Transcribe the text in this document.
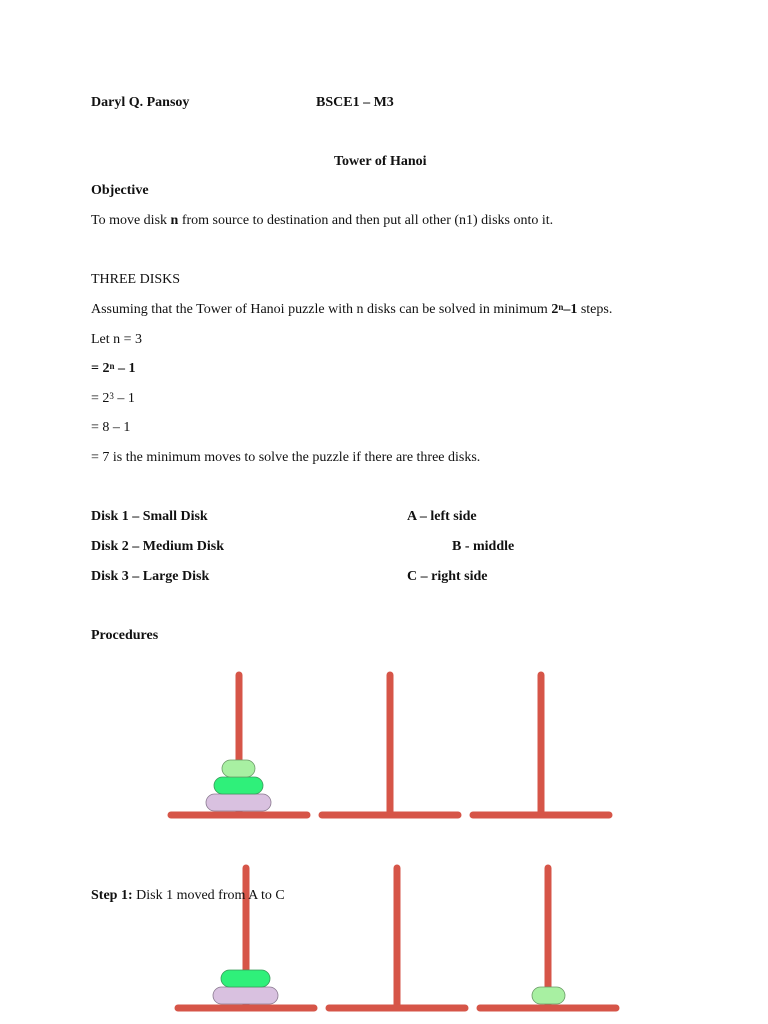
Daryl Q. Pansoy	BSCE1 – M3
Tower of Hanoi
Objective
To move disk n from source to destination and then put all other (n1) disks onto it.
THREE DISKS
Assuming that the Tower of Hanoi puzzle with n disks can be solved in minimum 2$^n$–1 steps.
Let n = 3
= $2^n - 1$
= $2^3 - 1$
= 8 – 1
= 7 is the minimum moves to solve the puzzle if there are three disks.
Disk 1 – Small Disk	A – left side
Disk 2 – Medium Disk	B - middle
Disk 3 – Large Disk	C – right side
Procedures
Step 1: Disk 1 moved from A to C
